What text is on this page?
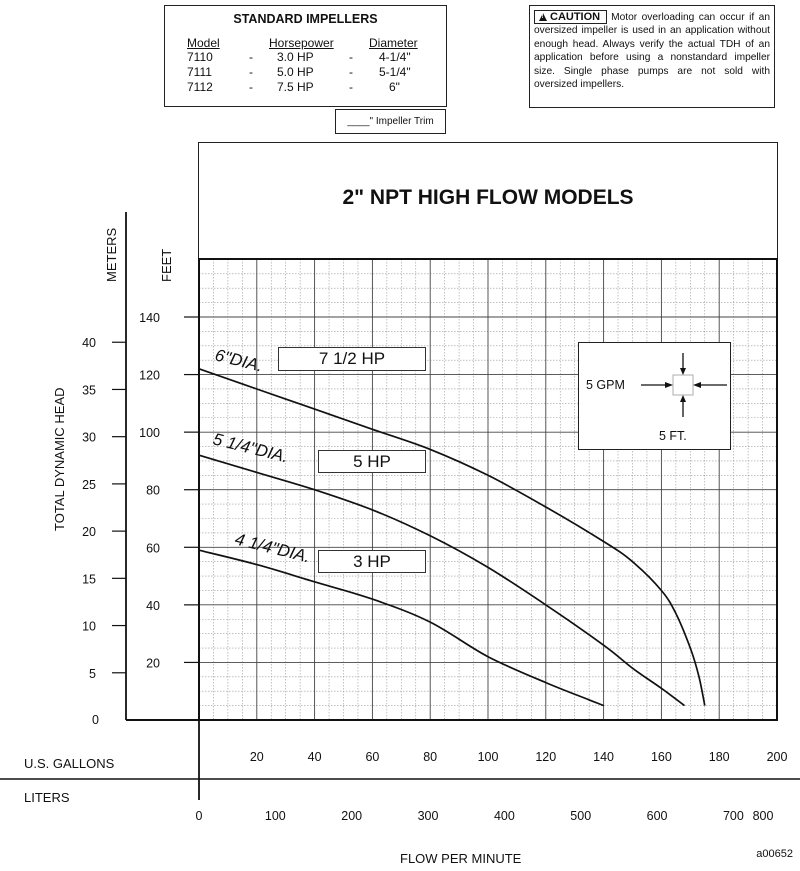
STANDARD IMPELLERS
Model		Horsepower		Diameter
7110	-	3.0 HP	-	4-1/4"
7111	-	5.0 HP	-	5-1/4"
7112	-	7.5 HP	-	6"
____" Impeller Trim
!CAUTION Motor overloading can occur if an oversized impeller is used in an application without enough head. Always verify the actual TDH of an application before using a nonstandard impeller size. Single phase pumps are not sold with oversized impellers.
2" NPT HIGH FLOW MODELS
20
40
60
80
100
120
140
0
5
10
15
20
25
30
35
40
20	40	60	80	100	120	140	160	180	200
0	100	200	300	400	500	600	700 800
METERS	FEET
TOTAL DYNAMIC HEAD
U.S. GALLONS
LITERS
FLOW PER MINUTE
6"DIA.
5 1/4"DIA.
4 1/4"DIA.
7 1/2 HP
5 HP
3 HP
5 GPM
5 FT.
a00652
